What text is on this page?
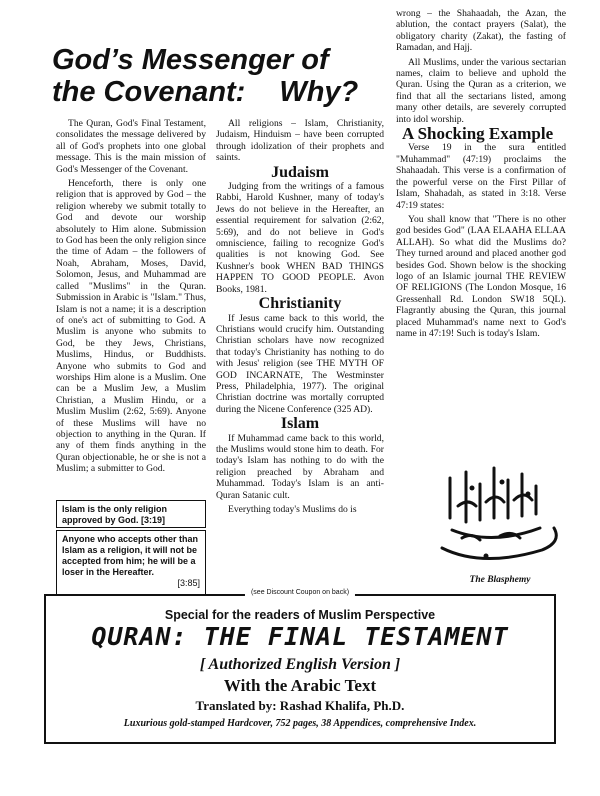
God’s Messenger of
the Covenant: Why?

The Quran, God's Final Testament, consolidates the message delivered by all of God's prophets into one global message. This is the main mission of God's Messenger of the Covenant.

Henceforth, there is only one religion that is approved by God – the religion whereby we submit totally to God and devote our worship absolutely to Him alone. Submission to God has been the only religion since the time of Adam – the followers of Noah, Abraham, Moses, David, Solomon, Jesus, and Muhammad are called "Muslims" in the Quran. Submission in Arabic is "Islam." Thus, Islam is not a name; it is a description of one's act of submitting to God. A Muslim is anyone who submits to God, be they Jews, Christians, Muslims, Hindus, or Buddhists. Anyone who submits to God and worships Him alone is a Muslim. One can be a Muslim Jew, a Muslim Christian, a Muslim Hindu, or a Muslim Muslim (2:62, 5:69). Anyone of these Muslims will have no objection to anything in the Quran. If any of them finds anything in the Quran objectionable, he or she is not a Muslim; a submitter to God.

Islam is the only religion approved by God. [3:19]
Anyone who accepts other than Islam as a religion, it will not be accepted from him; he will be a loser in the Hereafter.
[3:85]

All religions – Islam, Christianity, Judaism, Hinduism – have been corrupted through idolization of their prophets and saints.

Judaism

Judging from the writings of a famous Rabbi, Harold Kushner, many of today's Jews do not believe in the Hereafter, an essential requirement for salvation (2:62, 5:69), and do not believe in God's omniscience, failing to recognize God's qualities is not knowing God. See Kushner's book WHEN BAD THINGS HAPPEN TO GOOD PEOPLE. Avon Books, 1981.

Christianity

If Jesus came back to this world, the Christians would crucify him. Outstanding Christian scholars have now recognized that today's Christianity has nothing to do with Jesus' religion (see THE MYTH OF GOD INCARNATE, The Westminster Press, Philadelphia, 1977). The original Christian doctrine was mortally corrupted during the Nicene Conference (325 AD).

Islam

If Muhammad came back to this world, the Muslims would stone him to death. For today's Islam has nothing to do with the religion preached by Abraham and Muhammad. Today's Islam is an anti-Quran Satanic cult.

Everything today's Muslims do is

wrong – the Shahaadah, the Azan, the ablution, the contact prayers (Salat), the obligatory charity (Zakat), the fasting of Ramadan, and Hajj.

All Muslims, under the various sectarian names, claim to believe and uphold the Quran. Using the Quran as a criterion, we find that all the sectarians listed, among many other details, are severely corrupted into idol worship.

A Shocking Example

Verse 19 in the sura entitled "Muhammad" (47:19) proclaims the Shahaadah. This verse is a confirmation of the powerful verse on the First Pillar of Islam, Shahadah, as stated in 3:18. Verse 47:19 states:

You shall know that "There is no other god besides God" (LAA ELAAHA ELLAA ALLAH). So what did the Muslims do? They turned around and placed another god besides God. Shown below is the shocking logo of an Islamic journal THE REVIEW OF RELIGIONS (The London Mosque, 16 Gressenhall Rd. London SW18 5QL). Flagrantly abusing the Quran, this journal placed Muhammad's name next to God's name in 47:19! Such is today's Islam.

The Blasphemy
(see Discount Coupon on back)
Special for the readers of Muslim Perspective
QURAN: THE FINAL TESTAMENT
[ Authorized English Version ]
With the Arabic Text
Translated by: Rashad Khalifa, Ph.D.
Luxurious gold-stamped Hardcover, 752 pages, 38 Appendices, comprehensive Index.
